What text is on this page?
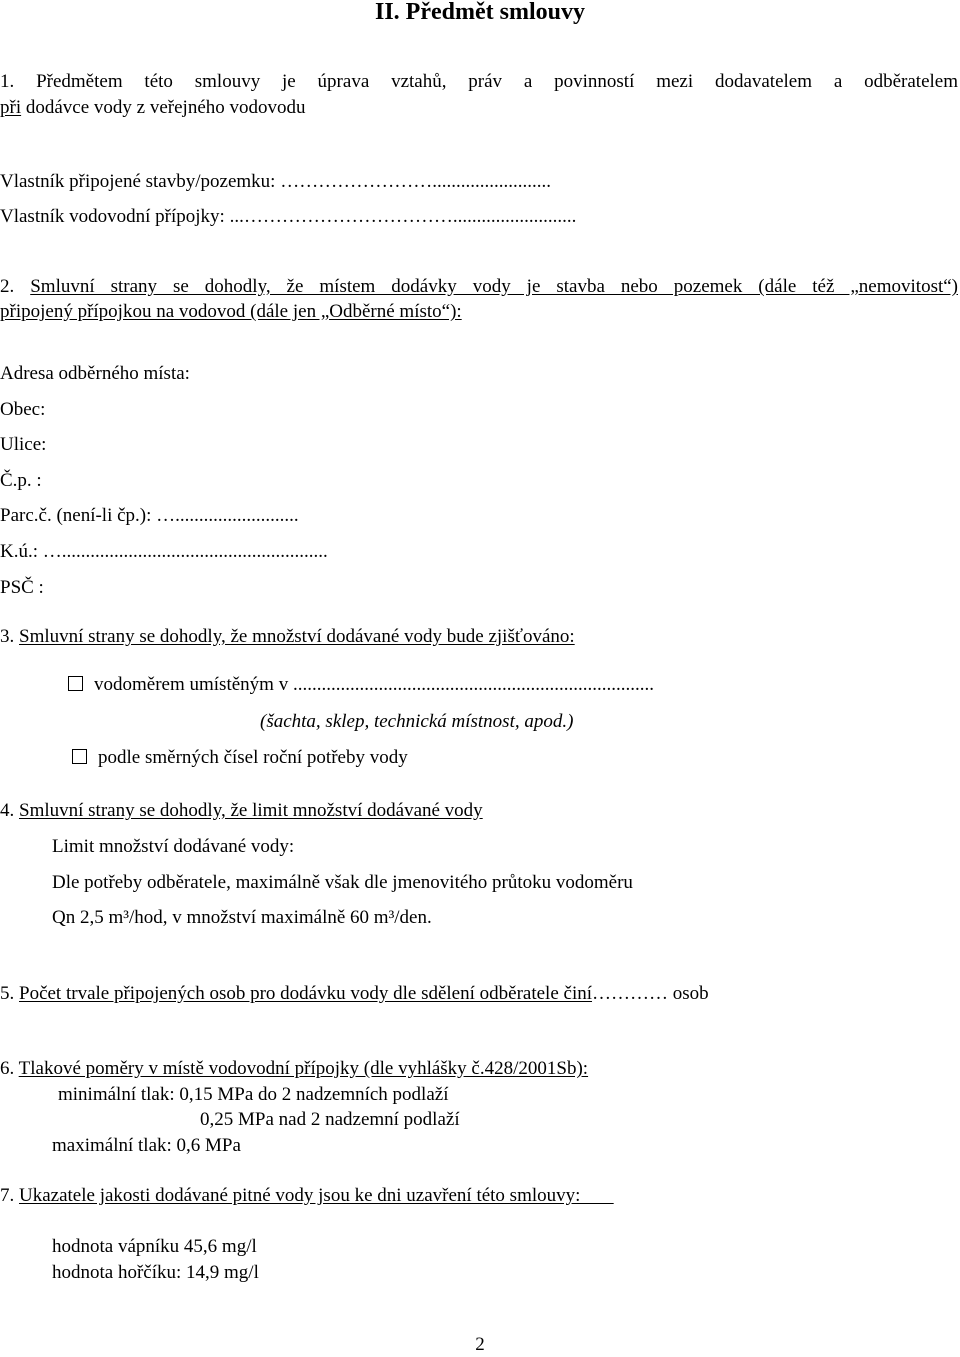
II. Předmět smlouvy
1. Předmětem této smlouvy je úprava vztahů, práv a povinností mezi dodavatelem a odběratelem
při dodávce vody z veřejného vodovodu
Vlastník připojené stavby/pozemku: …………………….........................
Vlastník vodovodní přípojky: ...……………………………..........................
2. Smluvní strany se dohodly, že místem dodávky vody je stavba nebo pozemek (dále též „nemovitost“)
připojený přípojkou na vodovod (dále jen „Odběrné místo“):
Adresa odběrného místa:
Obec:
Ulice:
Č.p. :
Parc.č. (není-li čp.): …..........................
K.ú.: …........................................................
PSČ :
3. Smluvní strany se dohodly, že množství dodávané vody bude zjišťováno:
vodoměrem umístěným v ............................................................................
(šachta, sklep, technická místnost, apod.)
podle směrných čísel roční potřeby vody
4. Smluvní strany se dohodly, že limit množství dodávané vody
Limit množství dodávané vody:
Dle potřeby odběratele, maximálně však dle jmenovitého průtoku vodoměru
Qn 2,5 m³/hod, v množství maximálně 60 m³/den.
5. Počet trvale připojených osob pro dodávku vody dle sdělení odběratele činí………… osob
6. Tlakové poměry v místě vodovodní přípojky (dle vyhlášky č.428/2001Sb):
minimální tlak: 0,15 MPa do 2 nadzemních podlaží
0,25 MPa nad 2 nadzemní podlaží
maximální tlak: 0,6 MPa
7. Ukazatele jakosti dodávané pitné vody jsou ke dni uzavření této smlouvy:
hodnota vápníku 45,6 mg/l
hodnota hořčíku: 14,9 mg/l
2
